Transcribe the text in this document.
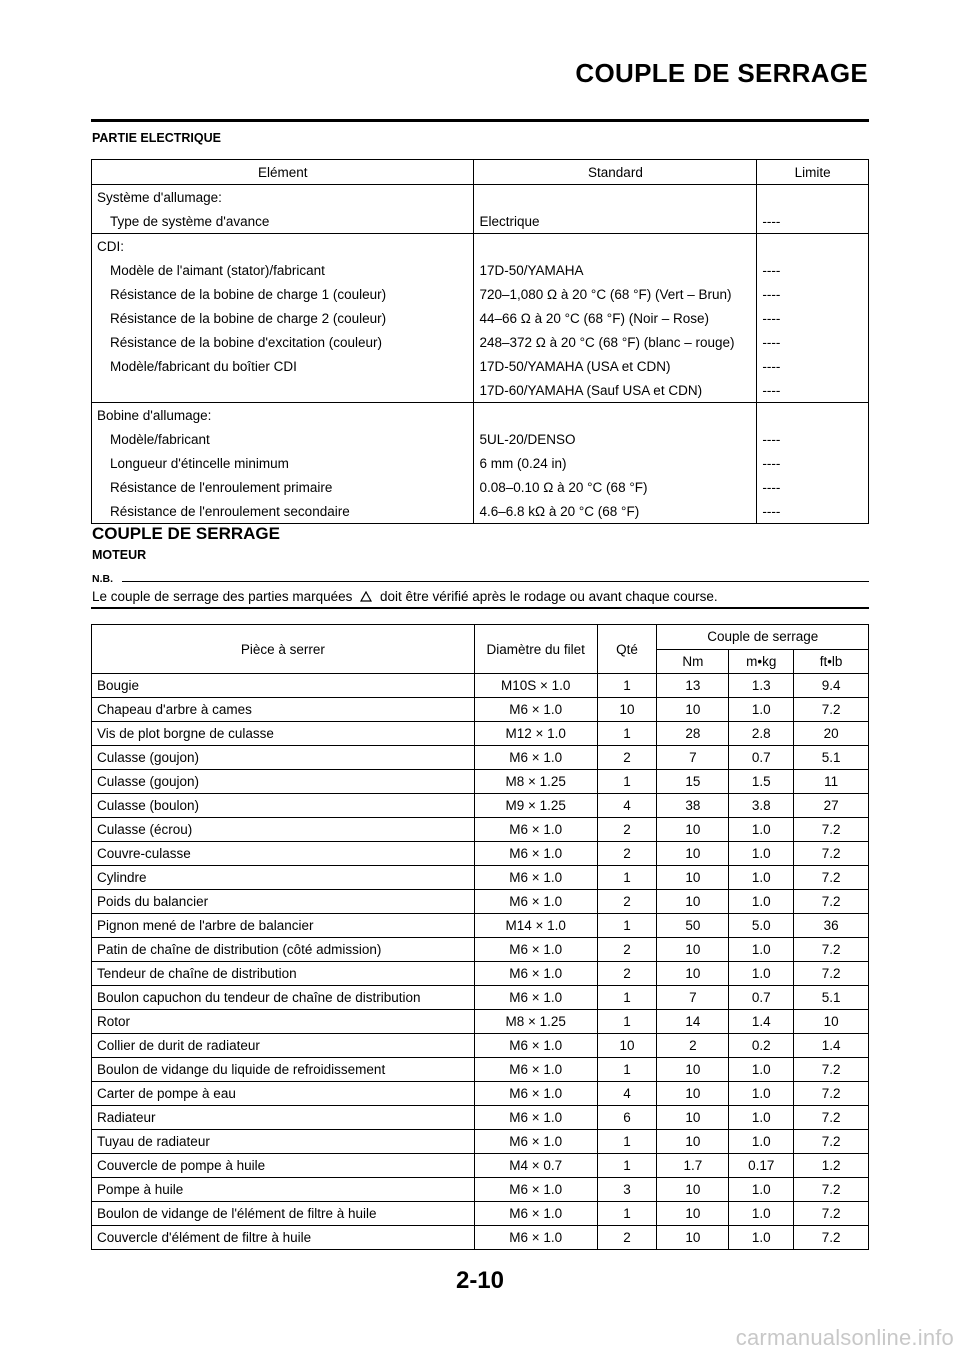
COUPLE DE SERRAGE
PARTIE ELECTRIQUE
Elément	Standard	Limite
Système d'allumage:		
Type de système d'avance	Electrique	----
CDI:		
Modèle de l'aimant (stator)/fabricant	17D-50/YAMAHA	----
Résistance de la bobine de charge 1 (couleur)	720–1,080 Ω à 20 °C (68 °F) (Vert – Brun)	----
Résistance de la bobine de charge 2 (couleur)	44–66 Ω à 20 °C (68 °F) (Noir – Rose)	----
Résistance de la bobine d'excitation (couleur)	248–372 Ω à 20 °C (68 °F) (blanc – rouge)	----
Modèle/fabricant du boîtier CDI	17D-50/YAMAHA (USA et CDN)	----
	17D-60/YAMAHA (Sauf USA et CDN)	----
Bobine d'allumage:		
Modèle/fabricant	5UL-20/DENSO	----
Longueur d'étincelle minimum	6 mm (0.24 in)	----
Résistance de l'enroulement primaire	0.08–0.10 Ω à 20 °C (68 °F)	----
Résistance de l'enroulement secondaire	4.6–6.8 kΩ à 20 °C (68 °F)	----
COUPLE DE SERRAGE
MOTEUR
N.B.
Le couple de serrage des parties marquées doit être vérifié après le rodage ou avant chaque course.
Pièce à serrer	Diamètre du filet	Qté	Couple de serrage		
			Nm	m•kg	ft•lb
Bougie	M10S × 1.0	1	13	1.3	9.4
Chapeau d'arbre à cames	M6 × 1.0	10	10	1.0	7.2
Vis de plot borgne de culasse	M12 × 1.0	1	28	2.8	20
Culasse (goujon)	M6 × 1.0	2	7	0.7	5.1
Culasse (goujon)	M8 × 1.25	1	15	1.5	11
Culasse (boulon)	M9 × 1.25	4	38	3.8	27
Culasse (écrou)	M6 × 1.0	2	10	1.0	7.2
Couvre-culasse	M6 × 1.0	2	10	1.0	7.2
Cylindre	M6 × 1.0	1	10	1.0	7.2
Poids du balancier	M6 × 1.0	2	10	1.0	7.2
Pignon mené de l'arbre de balancier	M14 × 1.0	1	50	5.0	36
Patin de chaîne de distribution (côté admission)	M6 × 1.0	2	10	1.0	7.2
Tendeur de chaîne de distribution	M6 × 1.0	2	10	1.0	7.2
Boulon capuchon du tendeur de chaîne de distribution	M6 × 1.0	1	7	0.7	5.1
Rotor	M8 × 1.25	1	14	1.4	10
Collier de durit de radiateur	M6 × 1.0	10	2	0.2	1.4
Boulon de vidange du liquide de refroidissement	M6 × 1.0	1	10	1.0	7.2
Carter de pompe à eau	M6 × 1.0	4	10	1.0	7.2
Radiateur	M6 × 1.0	6	10	1.0	7.2
Tuyau de radiateur	M6 × 1.0	1	10	1.0	7.2
Couvercle de pompe à huile	M4 × 0.7	1	1.7	0.17	1.2
Pompe à huile	M6 × 1.0	3	10	1.0	7.2
Boulon de vidange de l'élément de filtre à huile	M6 × 1.0	1	10	1.0	7.2
Couvercle d'élément de filtre à huile	M6 × 1.0	2	10	1.0	7.2
2-10
carmanualsonline.info
